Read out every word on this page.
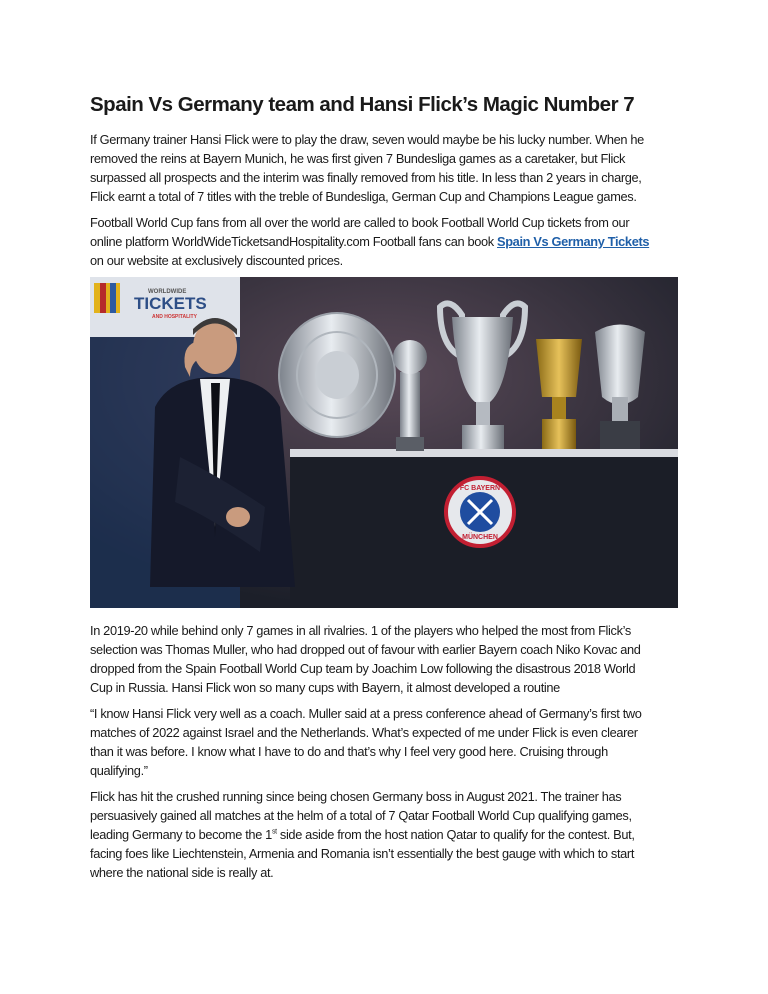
Spain Vs Germany team and Hansi Flick’s Magic Number 7

If Germany trainer Hansi Flick were to play the draw, seven would maybe be his lucky number. When he
removed the reins at Bayern Munich, he was first given 7 Bundesliga games as a caretaker, but Flick
surpassed all prospects and the interim was finally removed from his title. In less than 2 years in charge,
Flick earnt a total of 7 titles with the treble of Bundesliga, German Cup and Champions League games.

Football World Cup fans from all over the world are called to book Football World Cup tickets from our
online platform WorldWideTicketsandHospitality.com Football fans can book Spain Vs Germany Tickets
on our website at exclusively discounted prices.

FC BAYERN
MÜNCHEN
WORLDWIDE
TICKETS
AND HOSPITALITY

In 2019-20 while behind only 7 games in all rivalries. 1 of the players who helped the most from Flick’s
selection was Thomas Muller, who had dropped out of favour with earlier Bayern coach Niko Kovac and
dropped from the Spain Football World Cup team by Joachim Low following the disastrous 2018 World
Cup in Russia. Hansi Flick won so many cups with Bayern, it almost developed a routine

“I know Hansi Flick very well as a coach. Muller said at a press conference ahead of Germany’s first two
matches of 2022 against Israel and the Netherlands. What’s expected of me under Flick is even clearer
than it was before. I know what I have to do and that’s why I feel very good here. Cruising through
qualifying.”

Flick has hit the crushed running since being chosen Germany boss in August 2021. The trainer has
persuasively gained all matches at the helm of a total of 7 Qatar Football World Cup qualifying games,
leading Germany to become the 1st side aside from the host nation Qatar to qualify for the contest. But,
facing foes like Liechtenstein, Armenia and Romania isn’t essentially the best gauge with which to start
where the national side is really at.
